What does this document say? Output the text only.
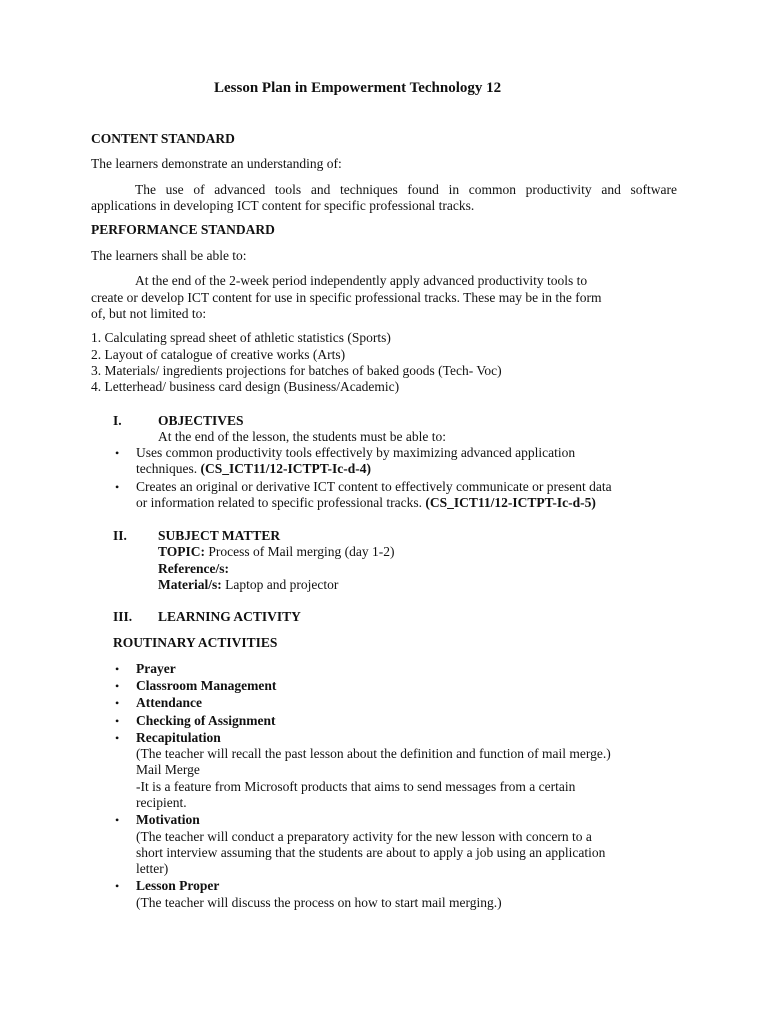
Lesson Plan in Empowerment Technology 12
CONTENT STANDARD
The learners demonstrate an understanding of:
The use of advanced tools and techniques found in common productivity and software
applications in developing ICT content for specific professional tracks.
PERFORMANCE STANDARD
The learners shall be able to:
At the end of the 2-week period independently apply advanced productivity tools to
create or develop ICT content for use in specific professional tracks. These may be in the form
of, but not limited to:
1. Calculating spread sheet of athletic statistics (Sports)
2. Layout of catalogue of creative works (Arts)
3. Materials/ ingredients projections for batches of baked goods (Tech- Voc)
4. Letterhead/ business card design (Business/Academic)
I.	OBJECTIVES
At the end of the lesson, the students must be able to:
• Uses common productivity tools effectively by maximizing advanced application
techniques. (CS_ICT11/12-ICTPT-Ic-d-4)
• Creates an original or derivative ICT content to effectively communicate or present data
or information related to specific professional tracks. (CS_ICT11/12-ICTPT-Ic-d-5)
II. SUBJECT MATTER
TOPIC: Process of Mail merging (day 1-2)
Reference/s:
Material/s: Laptop and projector
III. LEARNING ACTIVITY
ROUTINARY ACTIVITIES
• Prayer
• Classroom Management
• Attendance
• Checking of Assignment
• Recapitulation
(The teacher will recall the past lesson about the definition and function of mail merge.)
Mail Merge
-It is a feature from Microsoft products that aims to send messages from a certain
recipient.
• Motivation
(The teacher will conduct a preparatory activity for the new lesson with concern to a
short interview assuming that the students are about to apply a job using an application
letter)
• Lesson Proper
(The teacher will discuss the process on how to start mail merging.)
